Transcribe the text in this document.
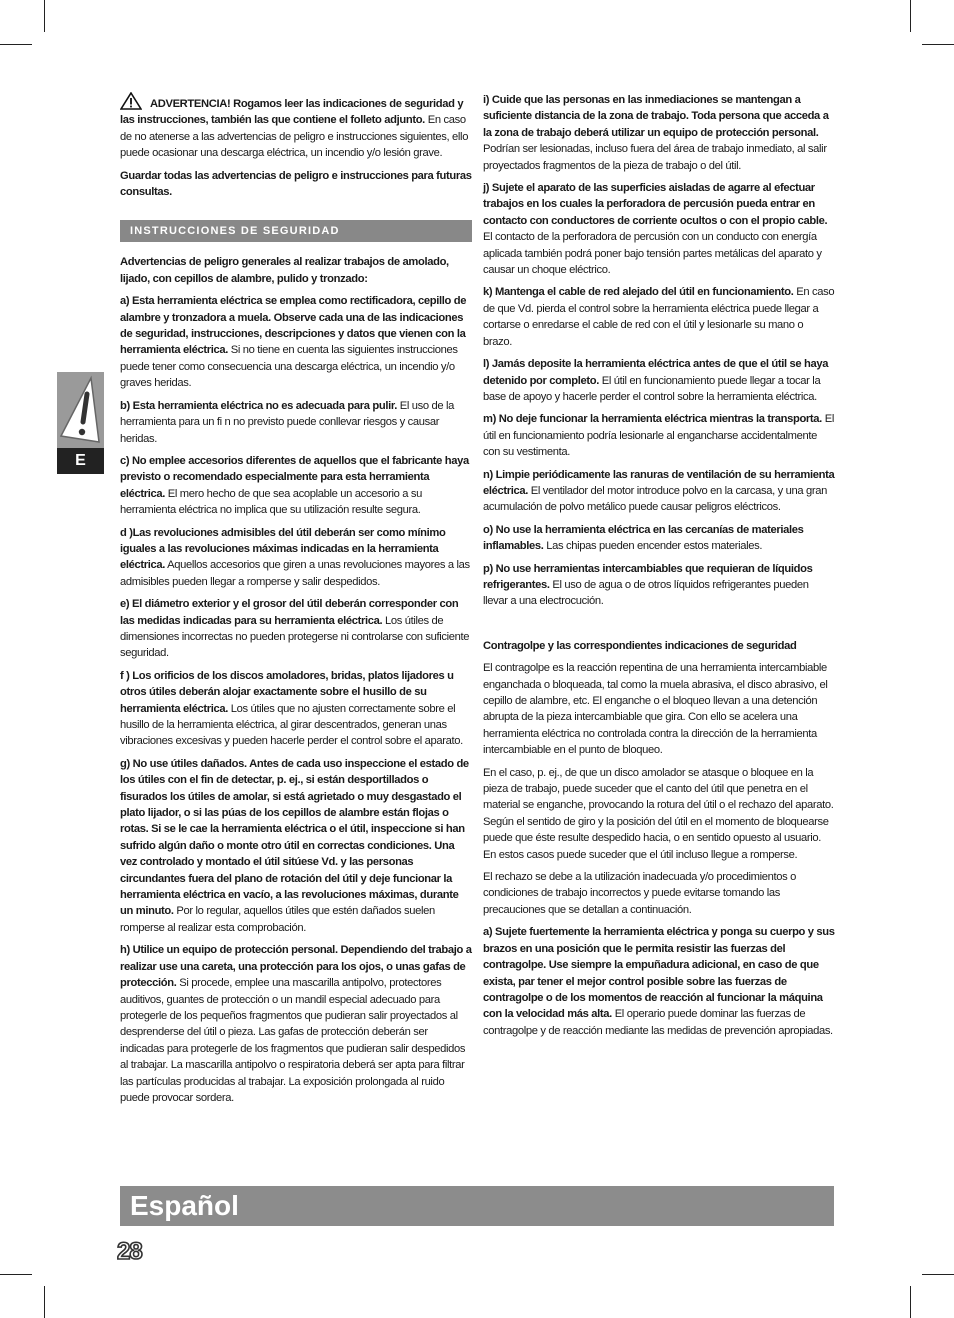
E

ADVERTENCIA! Rogamos leer las indicaciones de seguridad y las instrucciones, también las que contiene el folleto adjunto. En caso de no atenerse a las advertencias de peligro e instrucciones siguientes, ello puede ocasionar una descarga eléctrica, un incendio y/o lesión grave.

Guardar todas las advertencias de peligro e instrucciones para futuras consultas.

INSTRUCCIONES DE SEGURIDAD

Advertencias de peligro generales al realizar trabajos de amolado, lijado, con cepillos de alambre, pulido y tronzado:

a) Esta herramienta eléctrica se emplea como rectificadora, cepillo de alambre y tronzadora a muela. Observe cada una de las indicaciones de seguridad, instrucciones, descripciones y datos que vienen con la herramienta eléctrica. Si no tiene en cuenta las siguientes instrucciones puede tener como consecuencia una descarga eléctrica, un incendio y/o graves heridas.

b) Esta herramienta eléctrica no es adecuada para pulir. El uso de la herramienta para un fi n no previsto puede conllevar riesgos y causar heridas.

c) No emplee accesorios diferentes de aquellos que el fabricante haya previsto o recomendado especialmente para esta herramienta eléctrica. El mero hecho de que sea acoplable un accesorio a su herramienta eléctrica no implica que su utilización resulte segura.

d )Las revoluciones admisibles del útil deberán ser como mínimo iguales a las revoluciones máximas indicadas en la herramienta eléctrica. Aquellos accesorios que giren a unas revoluciones mayores a las admisibles pueden llegar a romperse y salir despedidos.

e) El diámetro exterior y el grosor del útil deberán corresponder con las medidas indicadas para su herramienta eléctrica. Los útiles de dimensiones incorrectas no pueden protegerse ni controlarse con suficiente seguridad.

f ) Los orificios de los discos amoladores, bridas, platos lijadores u otros útiles deberán alojar exactamente sobre el husillo de su herramienta eléctrica. Los útiles que no ajusten correctamente sobre el husillo de la herramienta eléctrica, al girar descentrados, generan unas vibraciones excesivas y pueden hacerle perder el control sobre el aparato.

g) No use útiles dañados. Antes de cada uso inspeccione el estado de los útiles con el fin de detectar, p. ej., si están desportillados o fisurados los útiles de amolar, si está agrietado o muy desgastado el plato lijador, o si las púas de los cepillos de alambre están flojas o rotas. Si se le cae la herramienta eléctrica o el útil, inspeccione si han sufrido algún daño o monte otro útil en correctas condiciones. Una vez controlado y montado el útil sitúese Vd. y las personas circundantes fuera del plano de rotación del útil y deje funcionar la herramienta eléctrica en vacío, a las revoluciones máximas, durante un minuto. Por lo regular, aquellos útiles que estén dañados suelen romperse al realizar esta comprobación.

h) Utilice un equipo de protección personal. Dependiendo del trabajo a realizar use una careta, una protección para los ojos, o unas gafas de protección. Si procede, emplee una mascarilla antipolvo, protectores auditivos, guantes de protección o un mandil especial adecuado para protegerle de los pequeños fragmentos que pudieran salir proyectados al desprenderse del útil o pieza. Las gafas de protección deberán ser indicadas para protegerle de los fragmentos que pudieran salir despedidos al trabajar. La mascarilla antipolvo o respiratoria deberá ser apta para filtrar las partículas producidas al trabajar. La exposición prolongada al ruido puede provocar sordera.

i) Cuide que las personas en las inmediaciones se mantengan a suficiente distancia de la zona de trabajo. Toda persona que acceda a la zona de trabajo deberá utilizar un equipo de protección personal. Podrían ser lesionadas, incluso fuera del área de trabajo inmediato, al salir proyectados fragmentos de la pieza de trabajo o del útil.

j) Sujete el aparato de las superficies aisladas de agarre al efectuar trabajos en los cuales la perforadora de percusión pueda entrar en contacto con conductores de corriente ocultos o con el propio cable. El contacto de la perforadora de percusión con un conducto con energía aplicada también podrá poner bajo tensión partes metálicas del aparato y causar un choque eléctrico.

k) Mantenga el cable de red alejado del útil en funcionamiento. En caso de que Vd. pierda el control sobre la herramienta eléctrica puede llegar a cortarse o enredarse el cable de red con el útil y lesionarle su mano o brazo.

l) Jamás deposite la herramienta eléctrica antes de que el útil se haya detenido por completo. El útil en funcionamiento puede llegar a tocar la base de apoyo y hacerle perder el control sobre la herramienta eléctrica.

m) No deje funcionar la herramienta eléctrica mientras la transporta. El útil en funcionamiento podría lesionarle al engancharse accidentalmente con su vestimenta.

n) Limpie periódicamente las ranuras de ventilación de su herramienta eléctrica. El ventilador del motor introduce polvo en la carcasa, y una gran acumulación de polvo metálico puede causar peligros eléctricos.

o) No use la herramienta eléctrica en las cercanías de materiales inflamables. Las chipas pueden encender estos materiales.

p) No use herramientas intercambiables que requieran de líquidos refrigerantes. El uso de agua o de otros líquidos refrigerantes pueden llevar a una electrocución.

Contragolpe y las correspondientes indicaciones de seguridad

El contragolpe es la reacción repentina de una herramienta intercambiable enganchada o bloqueada, tal como la muela abrasiva, el disco abrasivo, el cepillo de alambre, etc. El enganche o el bloqueo llevan a una detención abrupta de la pieza intercambiable que gira. Con ello se acelera una herramienta eléctrica no controlada contra la dirección de la herramienta intercambiable en el punto de bloqueo.

En el caso, p. ej., de que un disco amolador se atasque o bloquee en la pieza de trabajo, puede suceder que el canto del útil que penetra en el material se enganche, provocando la rotura del útil o el rechazo del aparato. Según el sentido de giro y la posición del útil en el momento de bloquearse puede que éste resulte despedido hacia, o en sentido opuesto al usuario. En estos casos puede suceder que el útil incluso llegue a romperse.

El rechazo se debe a la utilización inadecuada y/o procedimientos o condiciones de trabajo incorrectos y puede evitarse tomando las precauciones que se detallan a continuación.

a) Sujete fuertemente la herramienta eléctrica y ponga su cuerpo y sus brazos en una posición que le permita resistir las fuerzas del contragolpe. Use siempre la empuñadura adicional, en caso de que exista, par tener el mejor control posible sobre las fuerzas de contragolpe o de los momentos de reacción al funcionar la máquina con la velocidad más alta. El operario puede dominar las fuerzas de contragolpe y de reacción mediante las medidas de prevención apropiadas.

Español
28
